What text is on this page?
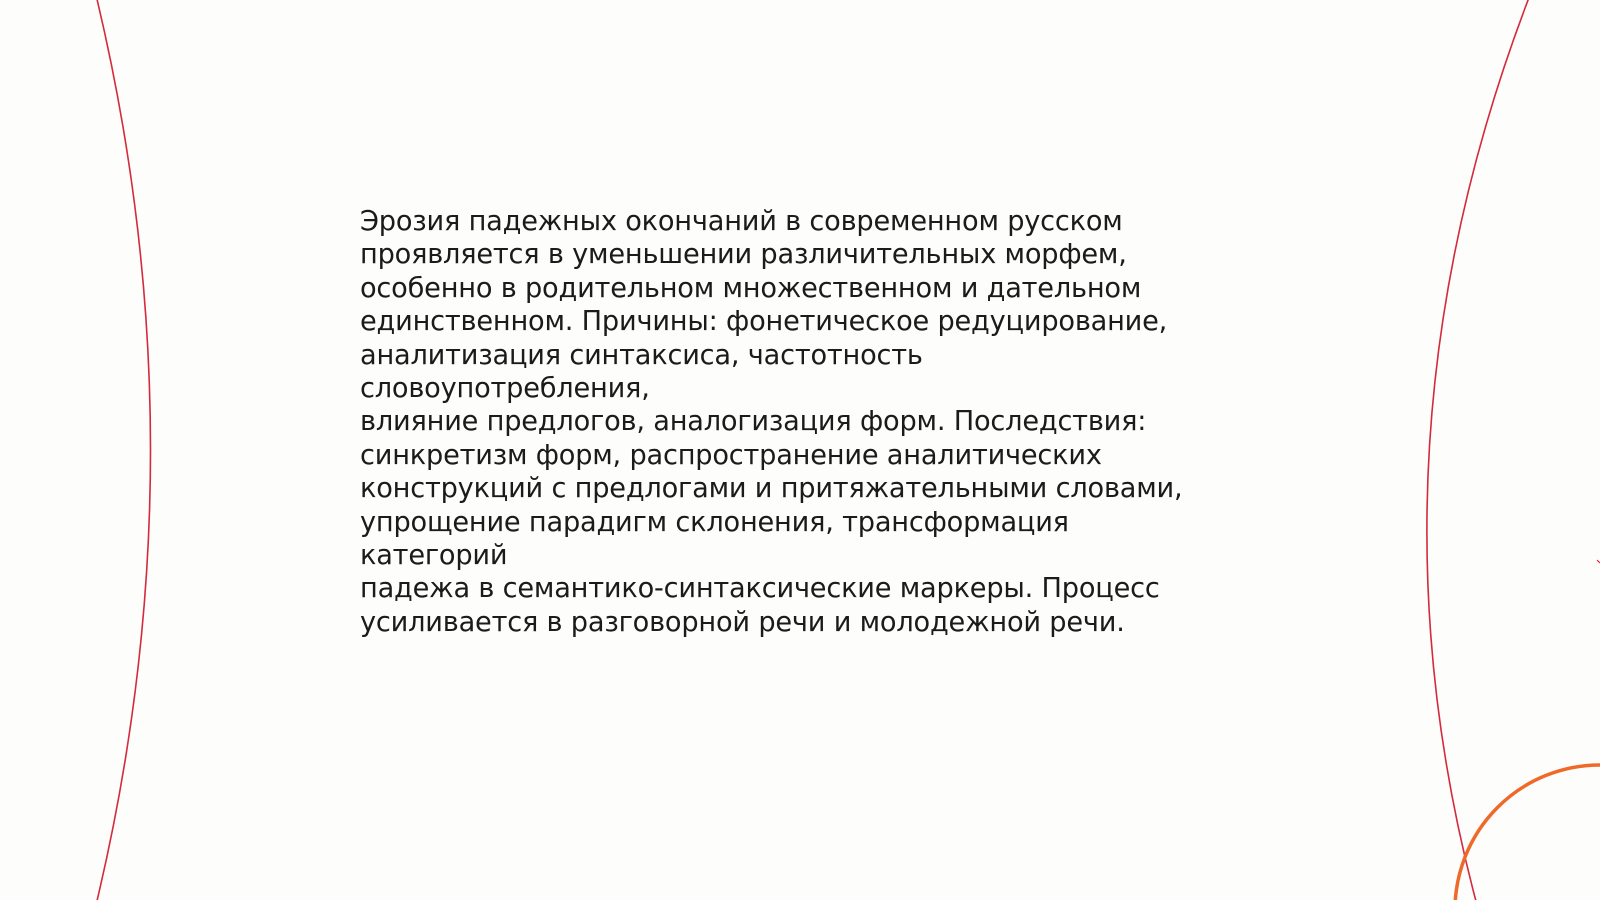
Эрозия падежных окончаний в современном русском
проявляется в уменьшении различительных морфем,
особенно в родительном множественном и дательном
единственном. Причины: фонетическое редуцирование,
аналитизация синтаксиса, частотность словоупотребления,
влияние предлогов, аналогизация форм. Последствия:
синкретизм форм, распространение аналитических
конструкций с предлогами и притяжательными словами,
упрощение парадигм склонения, трансформация категорий
падежа в семантико-синтаксические маркеры. Процесс
усиливается в разговорной речи и молодежной речи.
